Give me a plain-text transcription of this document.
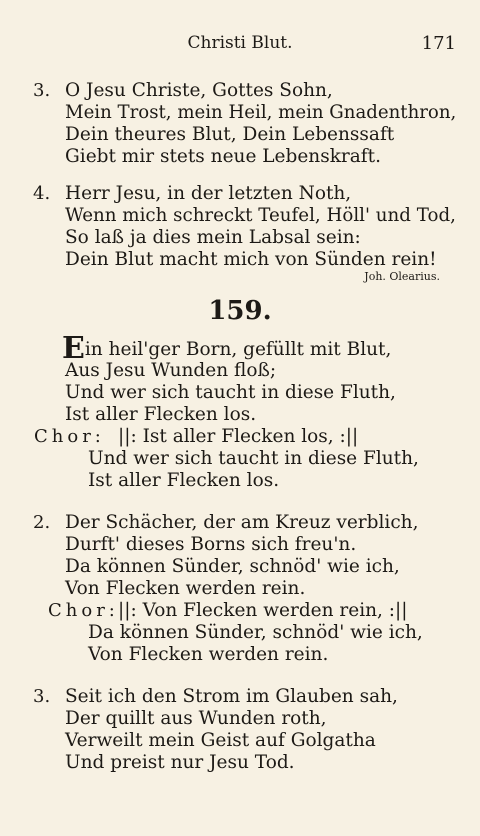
Christi Blut.	171
3. O Jesu Christe, Gottes Sohn,
Mein Trost, mein Heil, mein Gnadenthron,
Dein theures Blut, Dein Lebenssaft
Giebt mir stets neue Lebenskraft.
4. Herr Jesu, in der letzten Noth,
Wenn mich schreckt Teufel, Höll' und Tod,
So laß ja dies mein Labsal sein:
Dein Blut macht mich von Sünden rein!
Joh. Olearius.
159.
Ein heil'ger Born, gefüllt mit Blut,
Aus Jesu Wunden floß;
Und wer sich taucht in diese Fluth,
Ist aller Flecken los.
Chor: ||: Ist aller Flecken los, :||
Und wer sich taucht in diese Fluth,
Ist aller Flecken los.
2. Der Schächer, der am Kreuz verblich,
Durft' dieses Borns sich freu'n.
Da können Sünder, schnöd' wie ich,
Von Flecken werden rein.
Chor: ||: Von Flecken werden rein, :||
Da können Sünder, schnöd' wie ich,
Von Flecken werden rein.
3. Seit ich den Strom im Glauben sah,
Der quillt aus Wunden roth,
Verweilt mein Geist auf Golgatha
Und preist nur Jesu Tod.
